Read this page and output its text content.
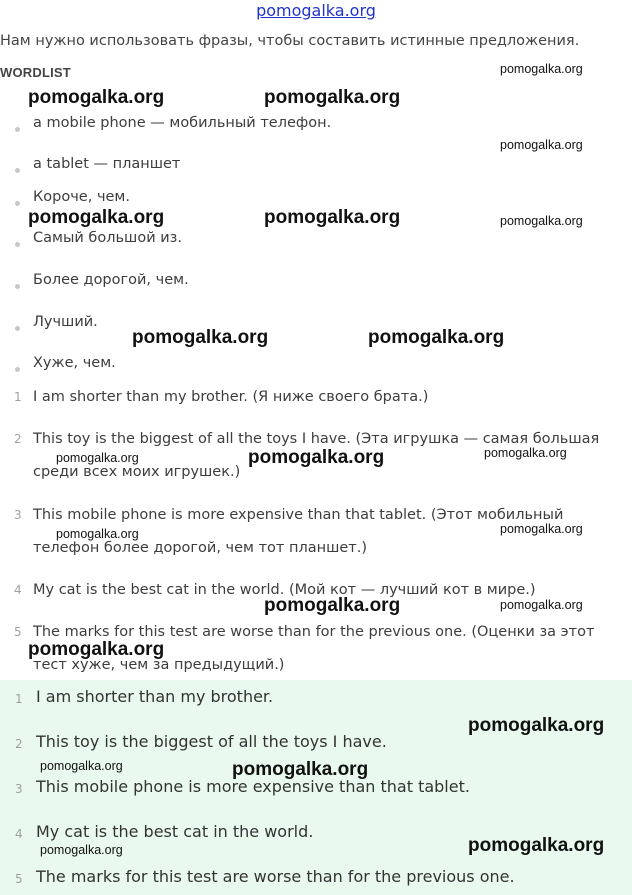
pomogalka.org
Нам нужно использовать фразы, чтобы составить истинные предложения.
WORDLIST
a mobile phone — мобильный телефон.
a tablet — планшет
Короче, чем.
Самый большой из.
Более дорогой, чем.
Лучший.
Хуже, чем.
1 I am shorter than my brother. (Я ниже своего брата.)
2 This toy is the biggest of all the toys I have. (Эта игрушка — самая большая
среди всех моих игрушек.)
3 This mobile phone is more expensive than that tablet. (Этот мобильный
телефон более дорогой, чем тот планшет.)
4 My cat is the best cat in the world. (Мой кот — лучший кот в мире.)
5 The marks for this test are worse than for the previous one. (Оценки за этот
тест хуже, чем за предыдущий.)
1 I am shorter than my brother.
2 This toy is the biggest of all the toys I have.
3 This mobile phone is more expensive than that tablet.
4 My cat is the best cat in the world.
5 The marks for this test are worse than for the previous one.
pomogalka.org
pomogalka.org	pomogalka.org
pomogalka.org
pomogalka.org	pomogalka.org	pomogalka.org
pomogalka.org	pomogalka.org
pomogalka.org	pomogalka.org	pomogalka.org
pomogalka.org	pomogalka.org
pomogalka.org	pomogalka.org
pomogalka.org
pomogalka.org
pomogalka.org	pomogalka.org
pomogalka.org	pomogalka.org
